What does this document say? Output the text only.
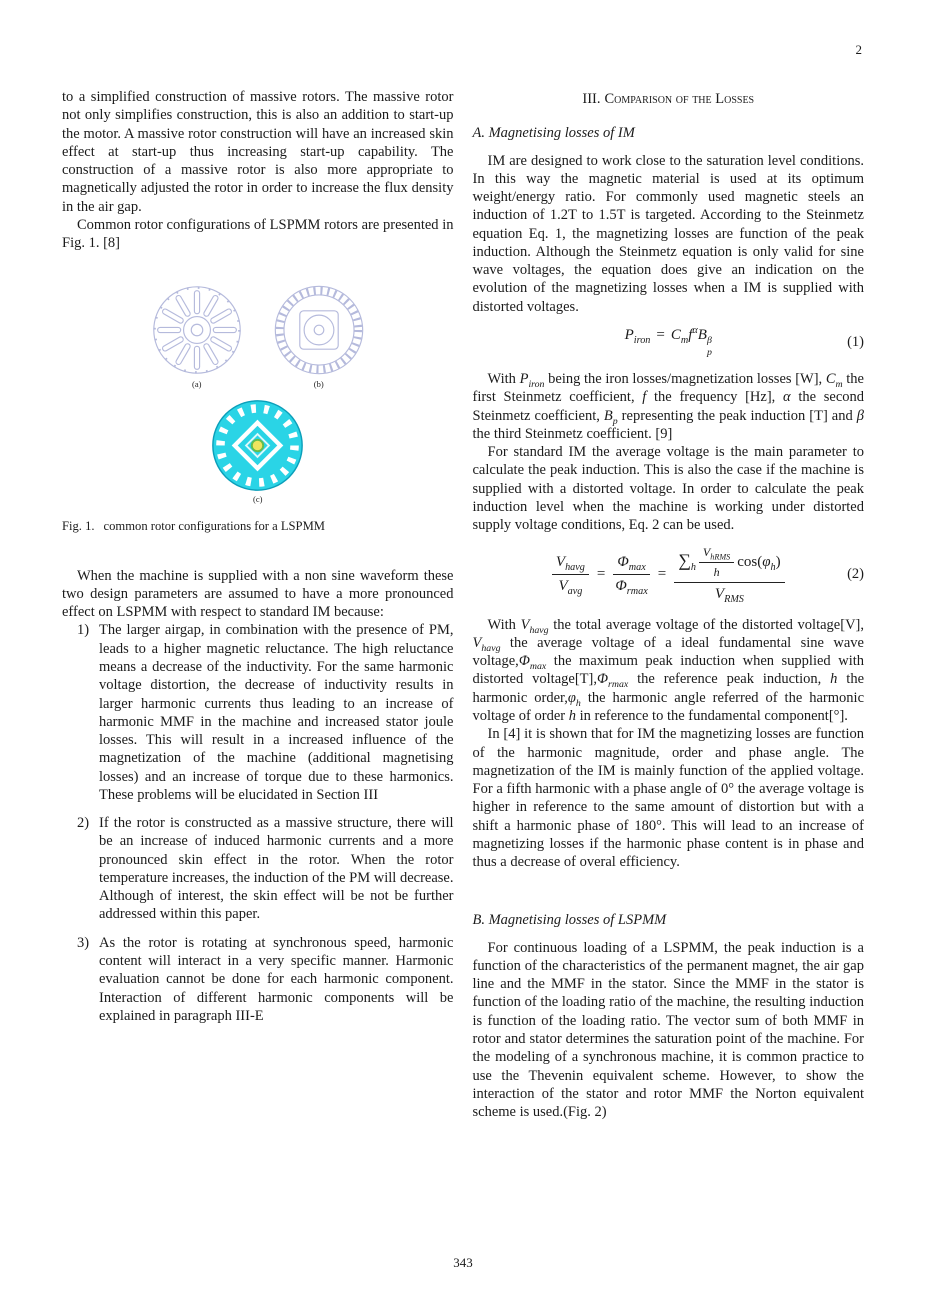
2

to a simplified construction of massive rotors. The massive rotor not only simplifies construction, this is also an addition to start-up the motor. A massive rotor construction will have an increased skin effect at start-up thus increasing start-up capability. The construction of a massive rotor is also more appropriate to magnetically adjusted the rotor in order to increase the flux density in the air gap.

Common rotor configurations of LSPMM rotors are presented in Fig. 1. [8]

(a)	(b)
(c)
Fig. 1. common rotor configurations for a LSPMM

When the machine is supplied with a non sine waveform these two design parameters are assumed to have a more pronounced effect on LSPMM with respect to standard IM because:

1) The larger airgap, in combination with the presence of PM, leads to a higher magnetic reluctance. The high reluctance means a decrease of the inductivity. For the same harmonic voltage distortion, the decrease of inductivity results in larger harmonic currents thus leading to an increase of harmonic MMF in the machine and increased stator joule losses. This will result in a increased influence of the magnetization of the machine (additional magnetising losses) and an increase of torque due to these harmonics. These problems will be elucidated in Section III
2) If the rotor is constructed as a massive structure, there will be an increase of induced harmonic currents and a more pronounced skin effect in the rotor. When the rotor temperature increases, the induction of the PM will decrease. Although of interest, the skin effect will be not be further addressed within this paper.
3) As the rotor is rotating at synchronous speed, harmonic content will interact in a very specific manner. Harmonic evaluation cannot be done for each harmonic component. Interaction of different harmonic components will be explained in paragraph III-E
III. Comparison of the Losses
A. Magnetising losses of IM

IM are designed to work close to the saturation level conditions. In this way the magnetic material is used at its optimum weight/energy ratio. For commonly used magnetic steels an induction of 1.2T to 1.5T is targeted. According to the Steinmetz equation Eq. 1, the magnetizing losses are function of the peak induction. Although the Steinmetz equation is only valid for sine wave voltages, the equation does give an indication on the evolution of the magnetizing losses when a IM is supplied with distorted voltages.

$P_{iron} = C_mf^\alpha B$ β
p
(1)

With $P_{iron}$ being the iron losses/magnetization losses [W], $C_m$ the first Steinmetz coefficient, f the frequency [Hz], α the second Steinmetz coefficient, $B_p$ representing the peak induction [T] and β the third Steinmetz coefficient. [9]

For standard IM the average voltage is the main parameter to calculate the peak induction. This is also the case if the machine is supplied with a distorted voltage. In order to calculate the peak induction level when the machine is working under distorted supply voltage conditions, Eq. 2 can be used.

$\frac{V_{havg}}{V_{avg}} = \frac{\Phi_{max}}{\Phi_{rmax}} = \frac{\sum_h \frac{V_{hRMS}}{h} \cos(\varphi_h)}{V_{RMS}}$	(2)

With $V_{havg}$ the total average voltage of the distorted voltage[V], $V_{havg}$ the average voltage of a ideal fundamental sine wave $voltage,\Phi_{max}$ the maximum peak induction when supplied with distorted $voltage[T],\Phi_{rmax}$ the reference peak induction, h the harmonic $order,\varphi_h$ the harmonic angle referred of the harmonic voltage of order h in reference to the fundamental component[°].

In [4] it is shown that for IM the magnetizing losses are function of the harmonic magnitude, order and phase angle. The magnetization of the IM is mainly function of the applied voltage. For a fifth harmonic with a phase angle of 0° the average voltage is higher in reference to the same amount of distortion but with a shift a harmonic phase of 180°. This will lead to an increase of magnetizing losses if the harmonic phase content is in phase and thus a decrease of overal efficiency.

B. Magnetising losses of LSPMM

For continuous loading of a LSPMM, the peak induction is a function of the characteristics of the permanent magnet, the air gap line and the MMF in the stator. Since the MMF in the stator is function of the loading ratio of the machine, the resulting induction is function of the loading ratio. The vector sum of both MMF in rotor and stator determines the saturation point of the machine. For the modeling of a synchronous machine, it is common practice to use the Thevenin equivalent scheme. However, to show the interaction of the stator and rotor MMF the Norton equivalent scheme is used.(Fig. 2)

343
